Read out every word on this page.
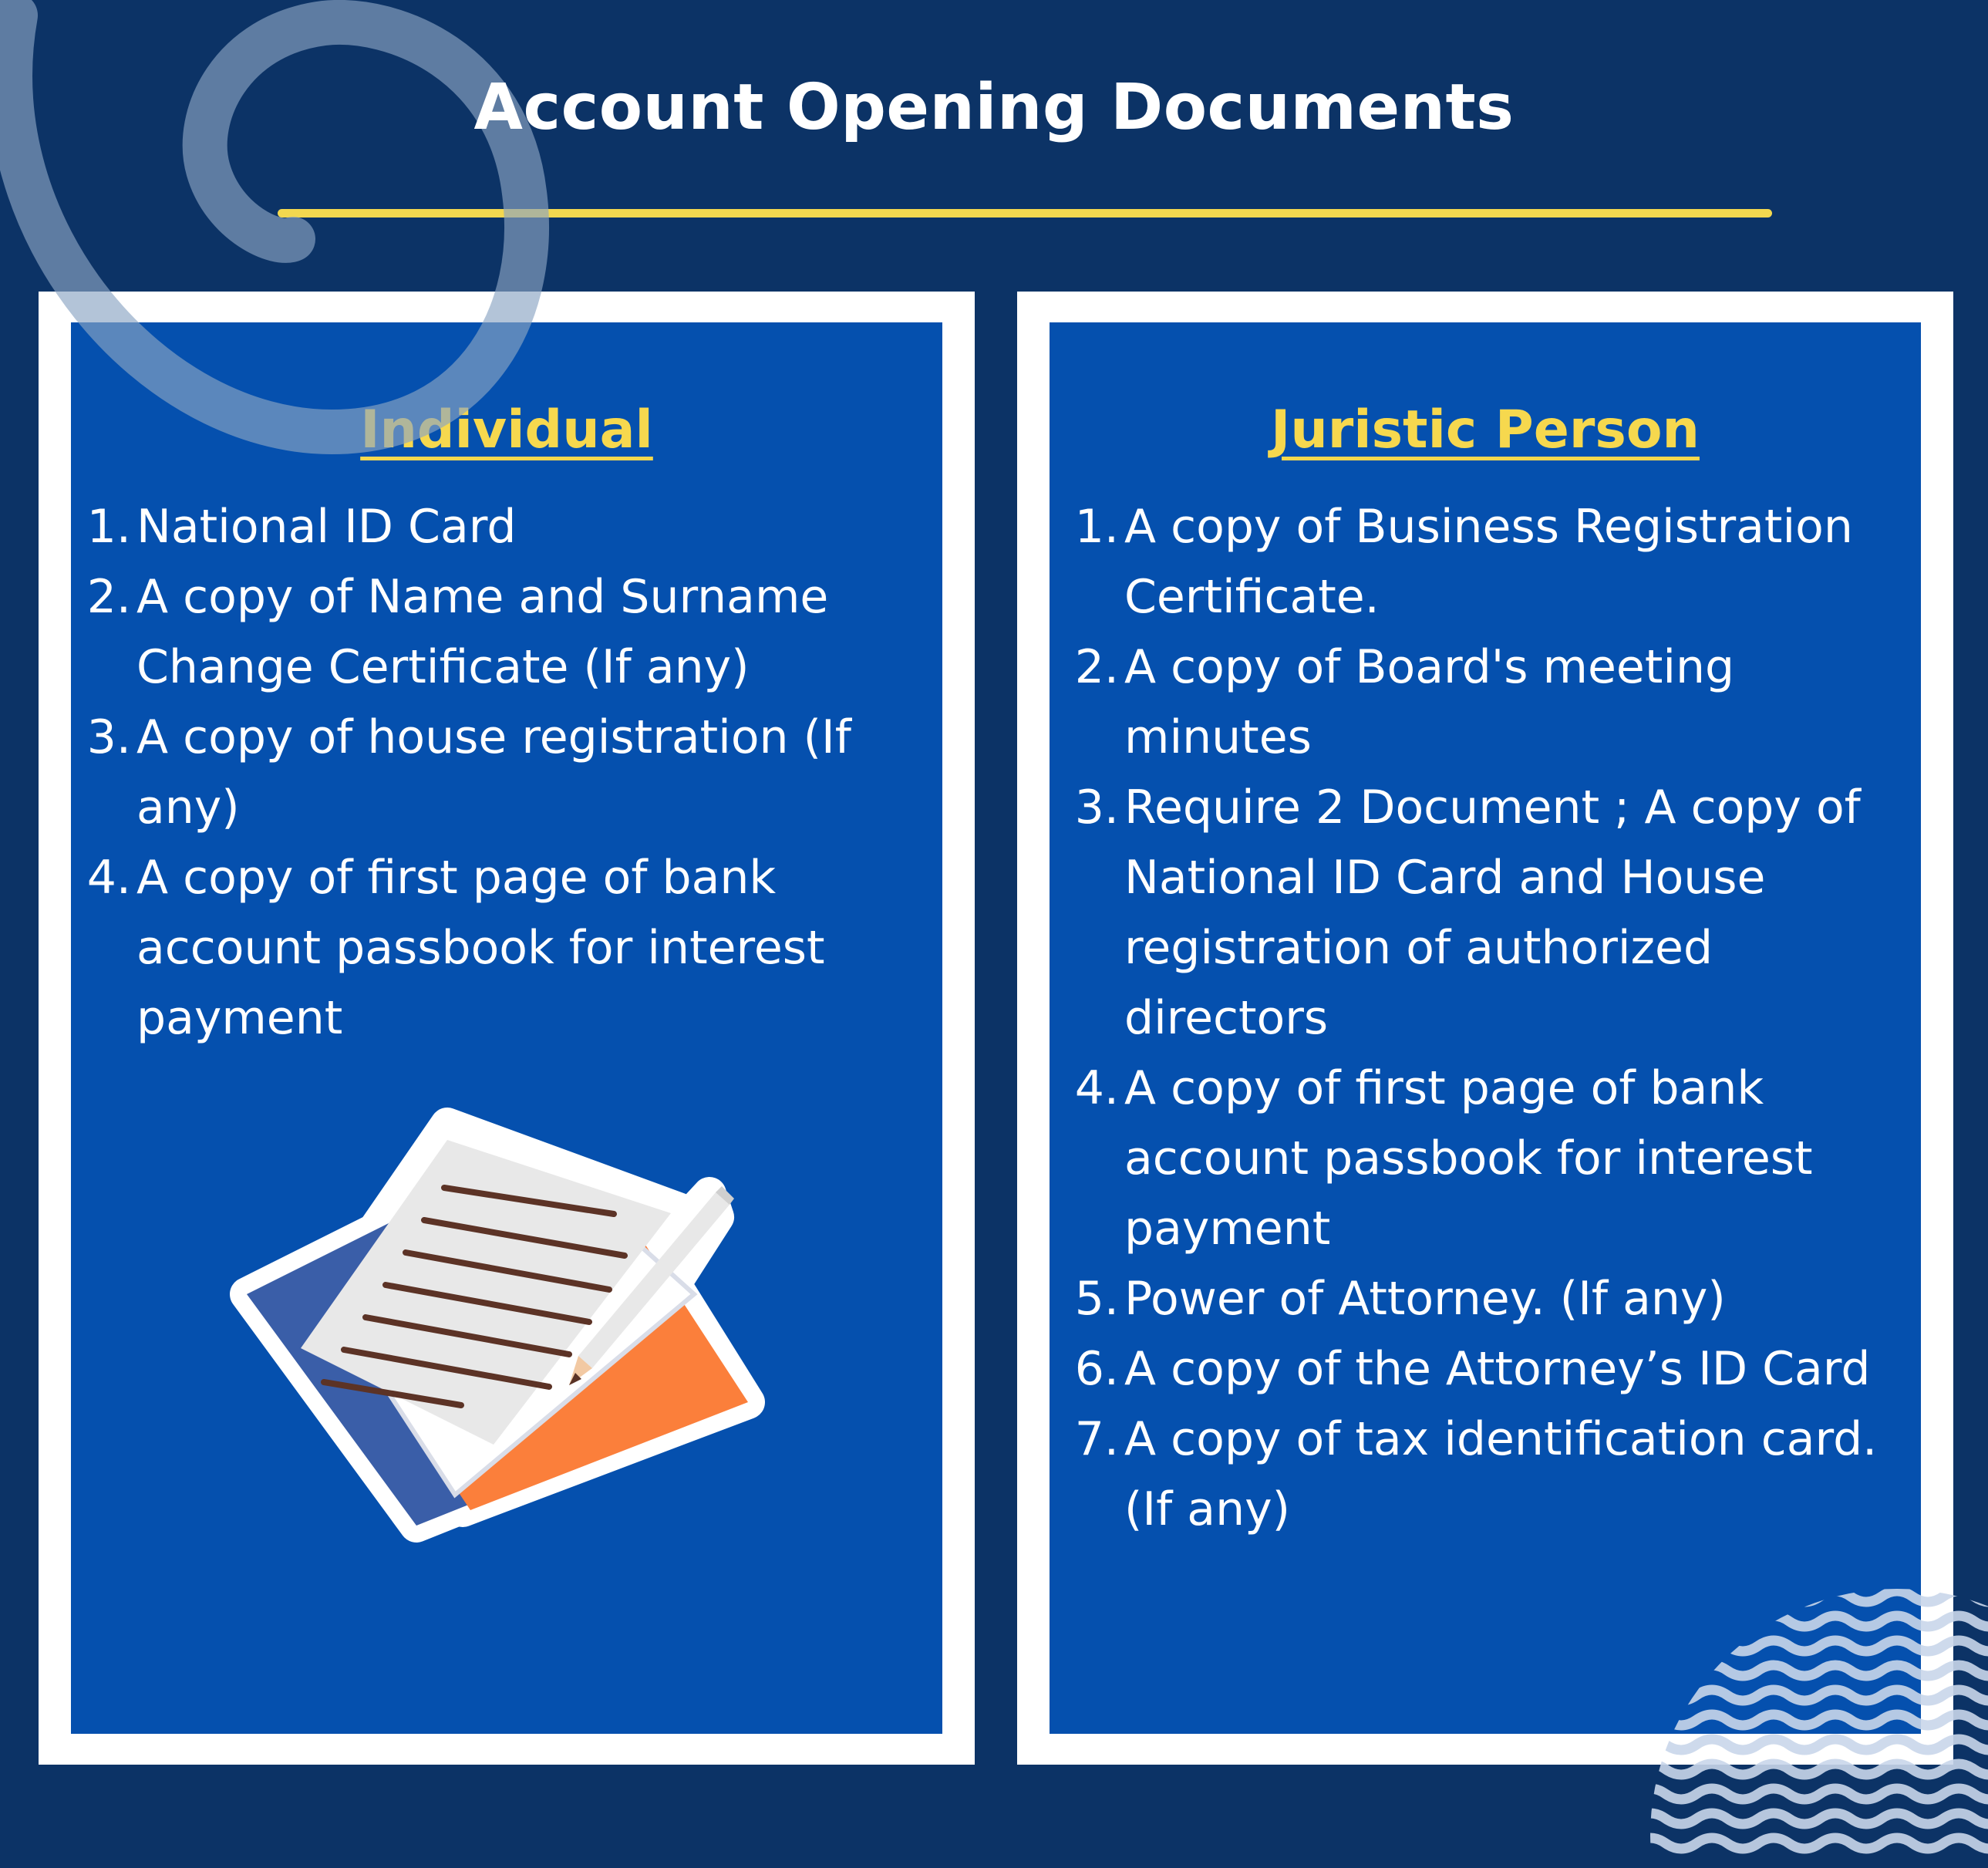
Account Opening Documents
Individual
1. National ID Card
2. A copy of Name and Surname Change Certificate (If any)
3. A copy of house registration (If any)
4. A copy of first page of bank account passbook for interest payment
Juristic Person
1. A copy of Business Registration Certificate.
2. A copy of Board's meeting minutes
3. Require 2 Document ; A copy of National ID Card and House registration of authorized directors
4. A copy of first page of bank account passbook for interest payment
5. Power of Attorney. (If any)
6. A copy of the Attorney’s ID Card
7. A copy of tax identification card. (If any)
